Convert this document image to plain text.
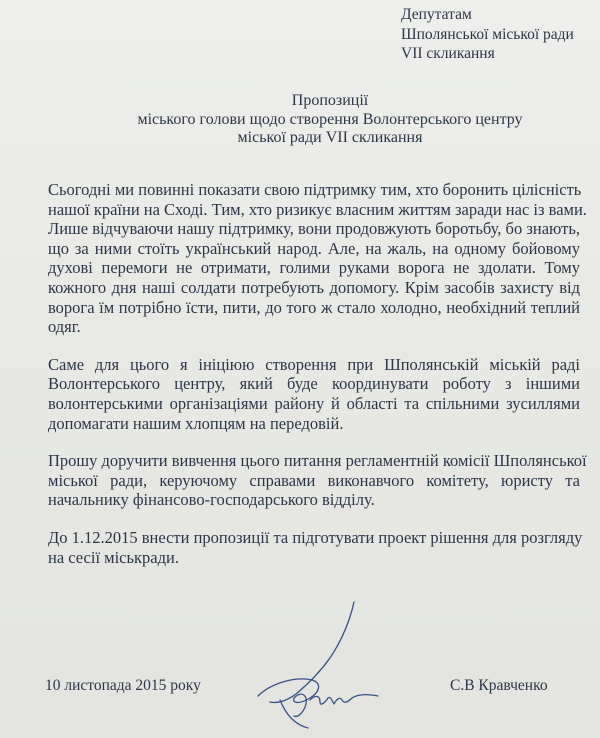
Депутатам
Шполянської міської ради
VII скликання
Пропозиції
міського голови щодо створення Волонтерського центру
міської ради VII скликання

Сьогодні ми повинні показати свою підтримку тим, хто боронить цілісність
нашої країни на Сході. Тим, хто ризикує власним життям заради нас із вами.
Лише відчуваючи нашу підтримку, вони продовжують боротьбу, бо знають,
що за ними стоїть український народ. Але, на жаль, на одному бойовому
духові перемоги не отримати, голими руками ворога не здолати. Тому
кожного дня наші солдати потребують допомогу. Крім засобів захисту від
ворога їм потрібно їсти, пити, до того ж стало холодно, необхідний теплий
одяг.

Саме для цього я ініціюю створення при Шполянській міській раді
Волонтерського центру, який буде координувати роботу з іншими
волонтерськими організаціями району й області та спільними зусиллями
допомагати нашим хлопцям на передовій.

Прошу доручити вивчення цього питання регламентній комісії Шполянської
міської ради, керуючому справами виконавчого комітету, юристу та
начальнику фінансово-господарського відділу.

До 1.12.2015 внести пропозиції та підготувати проект рішення для розгляду
на сесії міськради.

10 листопада 2015 року	С.В Кравченко
